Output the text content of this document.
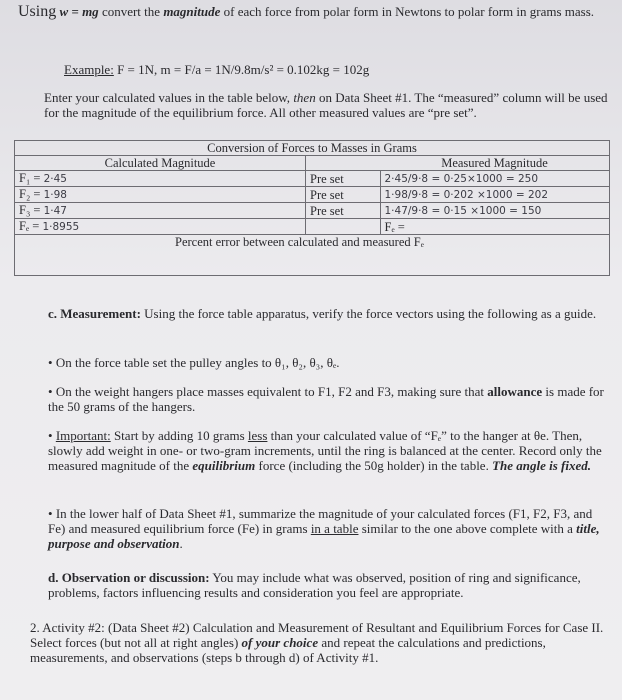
Using w = mg convert the magnitude of each force from polar form in Newtons to polar form in grams mass.
Example: F = 1N, m = F/a = 1N/9.8m/s² = 0.102kg = 102g
Enter your calculated values in the table below, then on Data Sheet #1. The “measured” column will be used for the magnitude of the equilibrium force. All other measured values are “pre set”.
Conversion of Forces to Masses in Grams		
Calculated Magnitude		Measured Magnitude
F₁ = 2·45	Pre set	2·45/9·8 = 0·25×1000 = 250
F₂ = 1·98	Pre set	1·98/9·8 = 0·202 ×1000 = 202
F₃ = 1·47	Pre set	1·47/9·8 = 0·15 ×1000 = 150
Fₑ = 1·8955		Fₑ =
Percent error between calculated and measured Fₑ		
c. Measurement: Using the force table apparatus, verify the force vectors using the following as a guide.
• On the force table set the pulley angles to θ₁, θ₂, θ₃, θₑ.
• On the weight hangers place masses equivalent to F1, F2 and F3, making sure that allowance is made for the 50 grams of the hangers.
• Important: Start by adding 10 grams less than your calculated value of “Fₑ” to the hanger at θe. Then, slowly add weight in one- or two-gram increments, until the ring is balanced at the center. Record only the measured magnitude of the equilibrium force (including the 50g holder) in the table. The angle is fixed.
• In the lower half of Data Sheet #1, summarize the magnitude of your calculated forces (F1, F2, F3, and Fe) and measured equilibrium force (Fe) in grams in a table similar to the one above complete with a title, purpose and observation.
d. Observation or discussion: You may include what was observed, position of ring and significance, problems, factors influencing results and consideration you feel are appropriate.
2. Activity #2: (Data Sheet #2) Calculation and Measurement of Resultant and Equilibrium Forces for Case II. Select forces (but not all at right angles) of your choice and repeat the calculations and predictions, measurements, and observations (steps b through d) of Activity #1.
